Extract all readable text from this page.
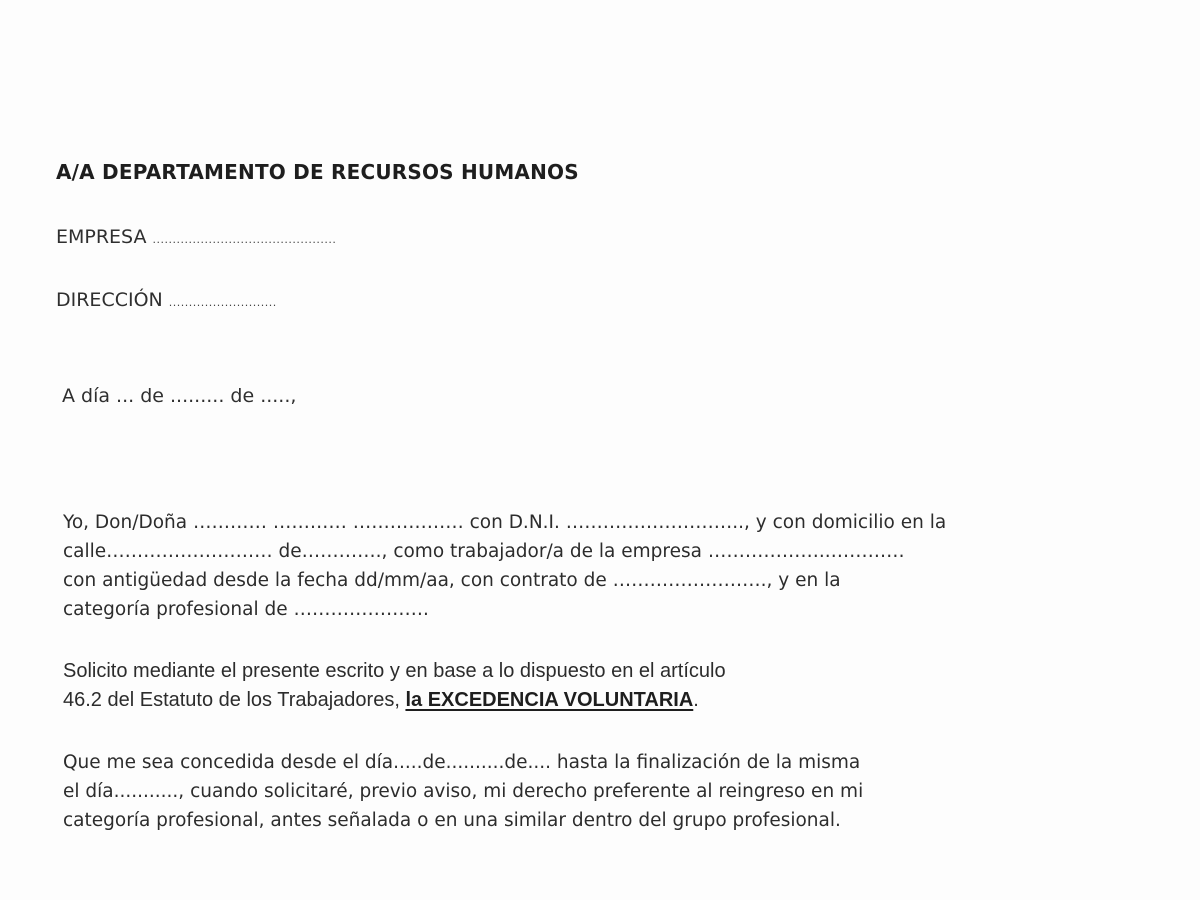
A/A DEPARTAMENTO DE RECURSOS HUMANOS
EMPRESA ..............................................
DIRECCIÓN ...........................
A día ... de ......... de .....,
Yo, Don/Doña ………… ………… ……………… con D.N.I. ……………………….., y con domicilio en la
calle……………………… de…………., como trabajador/a de la empresa ………………..…………
con antigüedad desde la fecha dd/mm/aa, con contrato de ……………………., y en la
categoría profesional de ………………….
Solicito mediante el presente escrito y en base a lo dispuesto en el artículo
46.2 del Estatuto de los Trabajadores, la EXCEDENCIA VOLUNTARIA.
Que me sea concedida desde el día.....de..........de.... hasta la finalización de la misma
el día..........., cuando solicitaré, previo aviso, mi derecho preferente al reingreso en mi
categoría profesional, antes señalada o en una similar dentro del grupo profesional.
